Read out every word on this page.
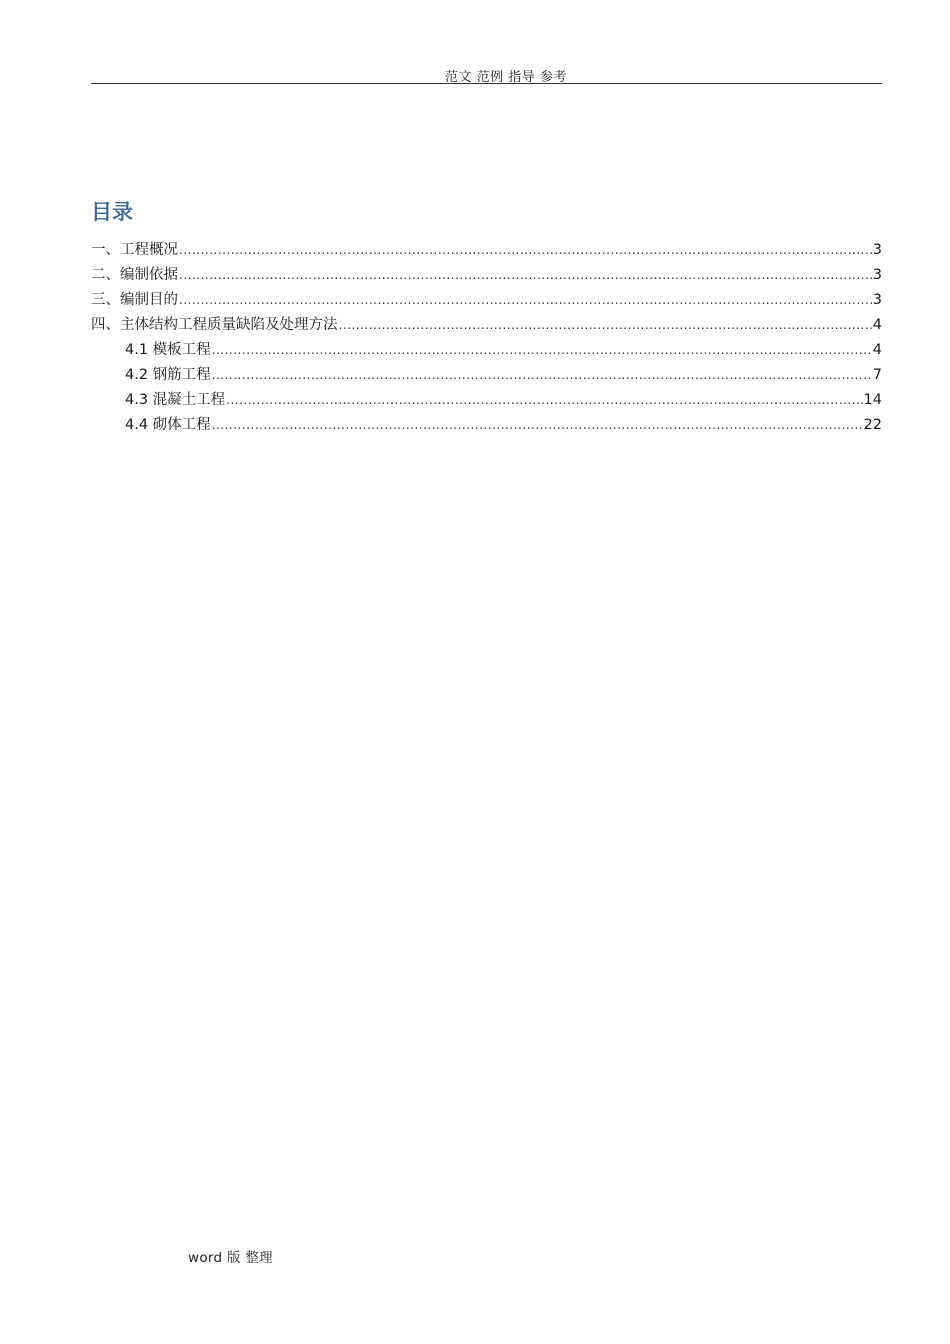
范文 范例 指导 参考
目录
一、工程概况 .....	3
二、编制依据 .....	3
三、编制目的 .....	3
四、主体结构工程质量缺陷及处理方法 .....	4
4.1 模板工程 .....	4
4.2 钢筋工程 .....	7
4.3 混凝土工程 .....	14
4.4 砌体工程 .....	22
word 版 整理
